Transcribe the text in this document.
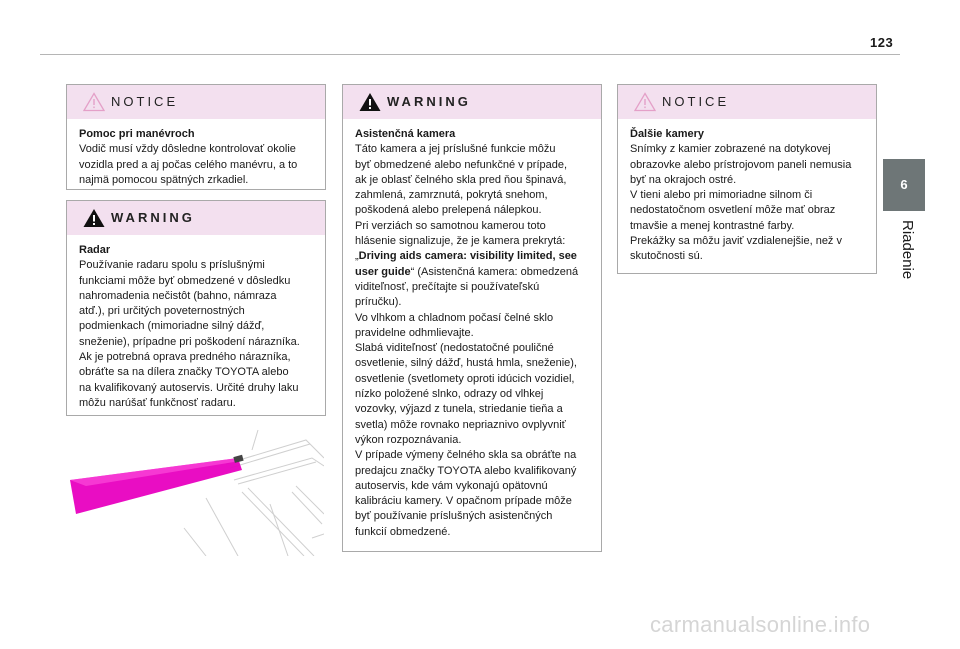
123
6
Riadenie
NOTICE
Pomoc pri manévroch

Vodič musí vždy dôsledne kontrolovať okolie

vozidla pred a aj počas celého manévru, a to

najmä pomocou spätných zrkadiel.

WARNING
Radar

Používanie radaru spolu s príslušnými

funkciami môže byť obmedzené v dôsledku

nahromadenia nečistôt (bahno, námraza

atď.), pri určitých poveternostných

podmienkach (mimoriadne silný dážď,

sneženie), prípadne pri poškodení nárazníka.

Ak je potrebná oprava predného nárazníka,

obráťte sa na dílera značky TOYOTA alebo

na kvalifikovaný autoservis. Určité druhy laku

môžu narúšať funkčnosť radaru.

WARNING
Asistenčná kamera

Táto kamera a jej príslušné funkcie môžu

byť obmedzené alebo nefunkčné v prípade,

ak je oblasť čelného skla pred ňou špinavá,

zahmlená, zamrznutá, pokrytá snehom,

poškodená alebo prelepená nálepkou.

Pri verziách so samotnou kamerou toto

hlásenie signalizuje, že je kamera prekrytá:

„Driving aids camera: visibility limited, see

user guide“ (Asistenčná kamera: obmedzená

viditeľnosť, prečítajte si používateľskú

príručku).

Vo vlhkom a chladnom počasí čelné sklo

pravidelne odhmlievajte.

Slabá viditeľnosť (nedostatočné pouličné

osvetlenie, silný dážď, hustá hmla, sneženie),

osvetlenie (svetlomety oproti idúcich vozidiel,

nízko položené slnko, odrazy od vlhkej

vozovky, výjazd z tunela, striedanie tieňa a

svetla) môže rovnako nepriaznivo ovplyvniť

výkon rozpoznávania.

V prípade výmeny čelného skla sa obráťte na

predajcu značky TOYOTA alebo kvalifikovaný

autoservis, kde vám vykonajú opätovnú

kalibráciu kamery. V opačnom prípade môže

byť používanie príslušných asistenčných

funkcií obmedzené.

NOTICE
Ďalšie kamery

Snímky z kamier zobrazené na dotykovej

obrazovke alebo prístrojovom paneli nemusia

byť na okrajoch ostré.

V tieni alebo pri mimoriadne silnom či

nedostatočnom osvetlení môže mať obraz

tmavšie a menej kontrastné farby.

Prekážky sa môžu javiť vzdialenejšie, než v

skutočnosti sú.

carmanualsonline.info
